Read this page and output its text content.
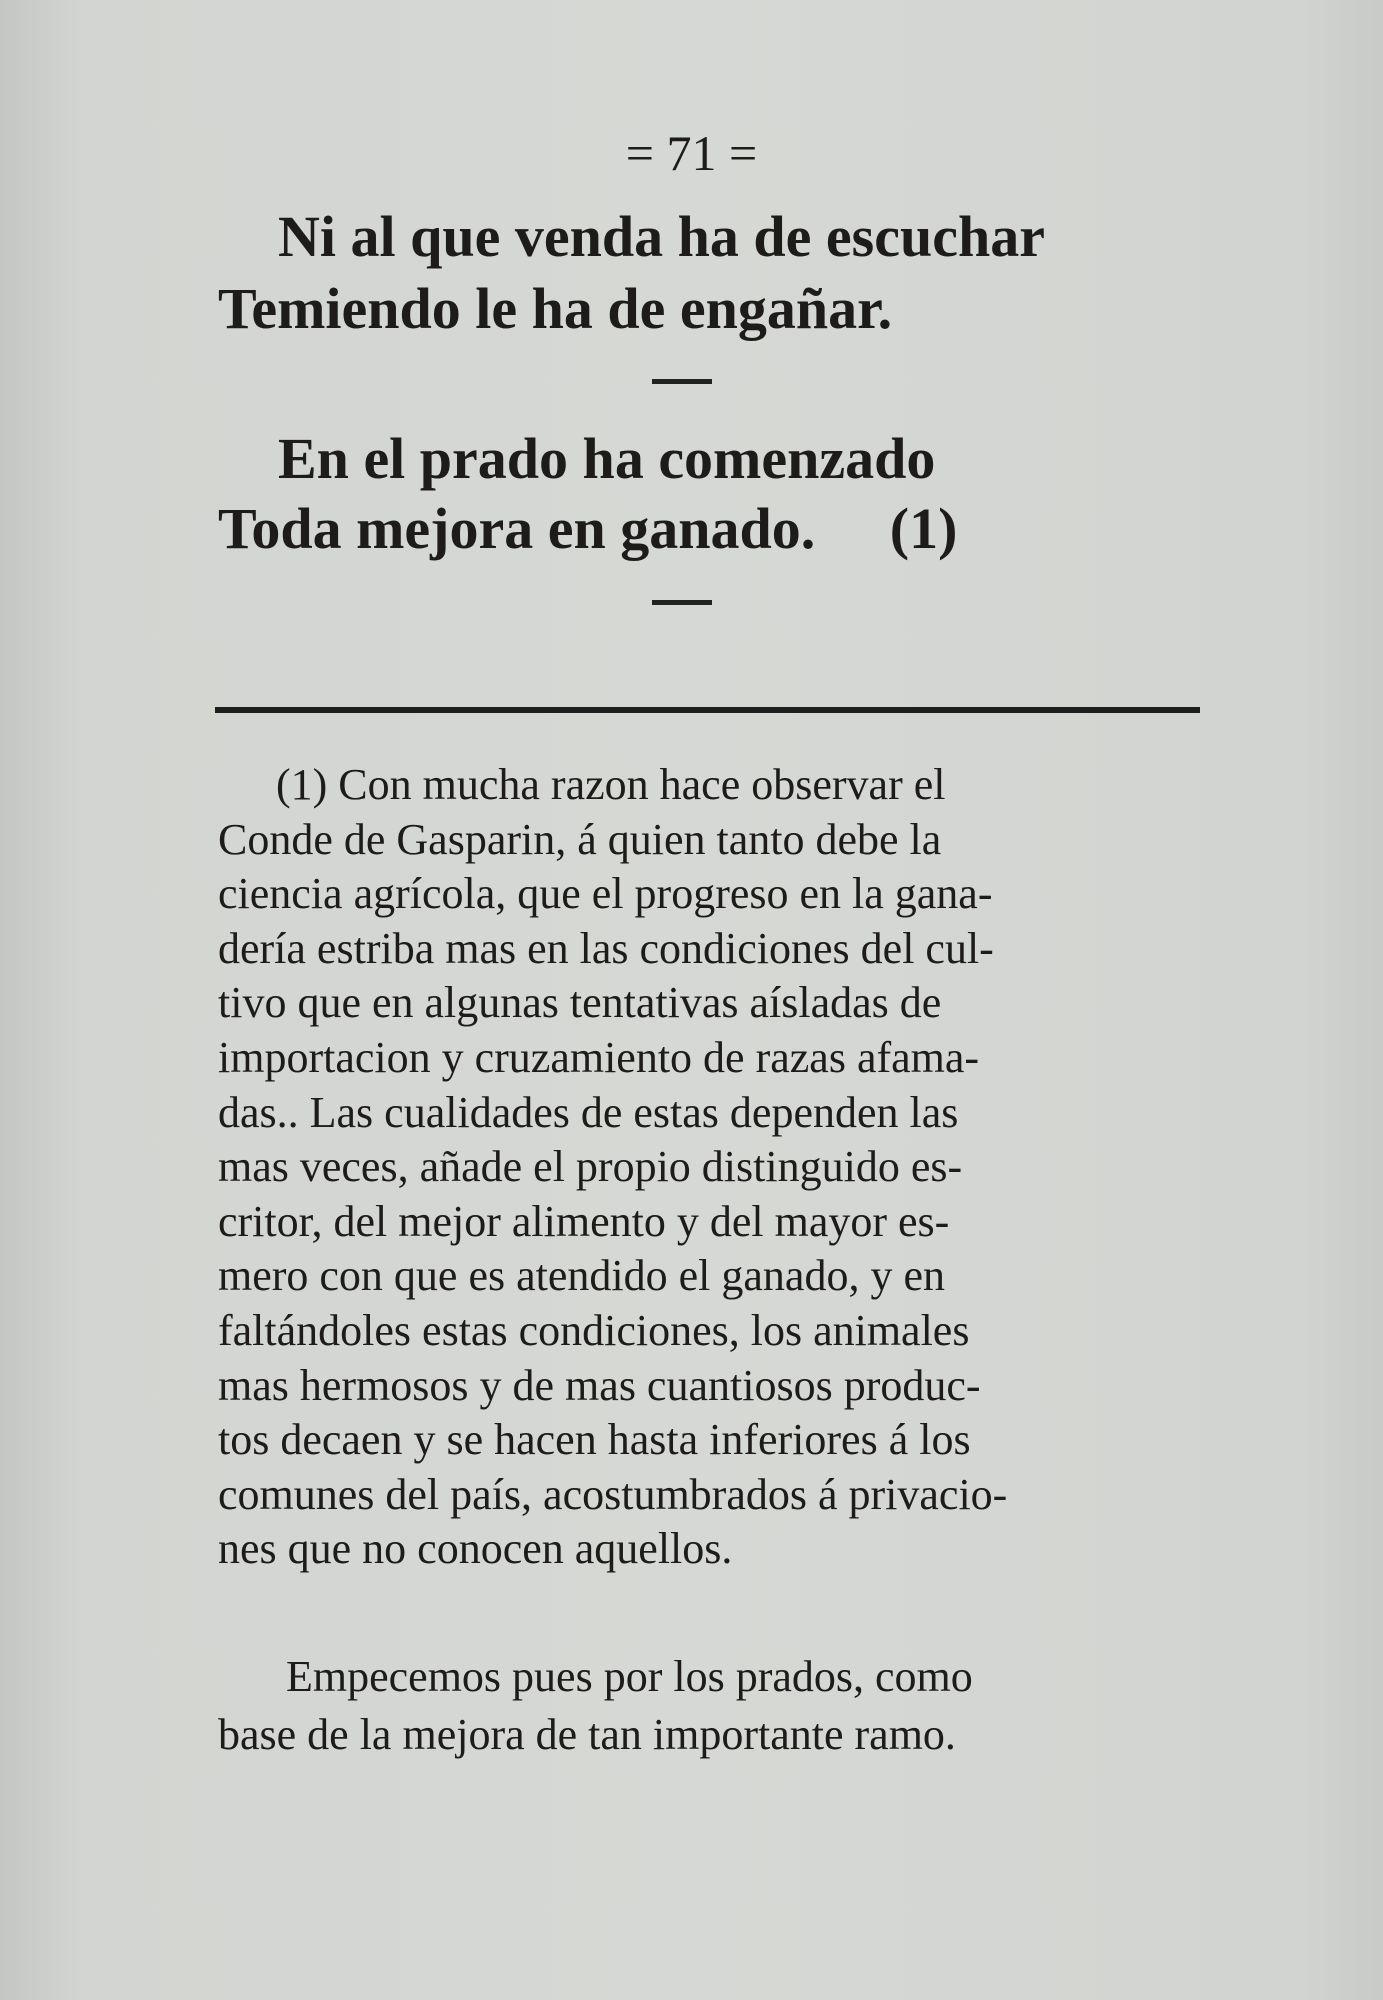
= 71 =
Ni al que venda ha de escuchar
Temiendo le ha de engañar.
En el prado ha comenzado
Toda mejora en ganado. (1)
(1) Con mucha razon hace observar el
Conde de Gasparin, á quien tanto debe la
ciencia agrícola, que el progreso en la gana-
dería estriba mas en las condiciones del cul-
tivo que en algunas tentativas aísladas de
importacion y cruzamiento de razas afama-
das.. Las cualidades de estas dependen las
mas veces, añade el propio distinguido es-
critor, del mejor alimento y del mayor es-
mero con que es atendido el ganado, y en
faltándoles estas condiciones, los animales
mas hermosos y de mas cuantiosos produc-
tos decaen y se hacen hasta inferiores á los
comunes del país, acostumbrados á privacio-
nes que no conocen aquellos.
Empecemos pues por los prados, como
base de la mejora de tan importante ramo.
